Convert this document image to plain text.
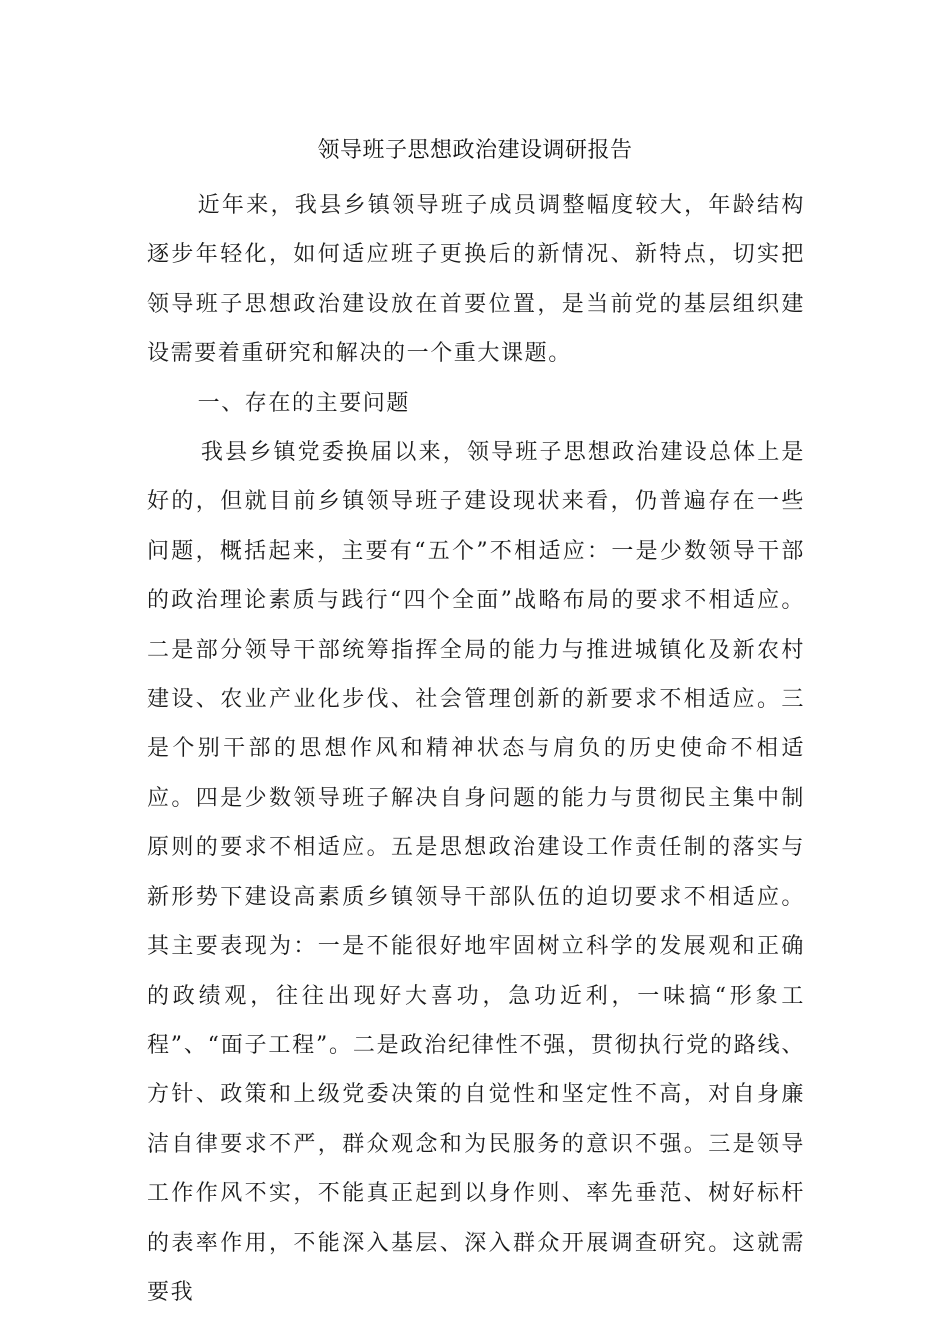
领导班子思想政治建设调研报告

近年来，我县乡镇领导班子成员调整幅度较大，年龄结构逐步年轻化，如何适应班子更换后的新情况、新特点，切实把领导班子思想政治建设放在首要位置，是当前党的基层组织建设需要着重研究和解决的一个重大课题。

一、存在的主要问题

我县乡镇党委换届以来，领导班子思想政治建设总体上是好的，但就目前乡镇领导班子建设现状来看，仍普遍存在一些问题，概括起来，主要有“五个”不相适应：一是少数领导干部的政治理论素质与践行“四个全面”战略布局的要求不相适应。二是部分领导干部统筹指挥全局的能力与推进城镇化及新农村建设、农业产业化步伐、社会管理创新的新要求不相适应。三是个别干部的思想作风和精神状态与肩负的历史使命不相适应。四是少数领导班子解决自身问题的能力与贯彻民主集中制原则的要求不相适应。五是思想政治建设工作责任制的落实与新形势下建设高素质乡镇领导干部队伍的迫切要求不相适应。其主要表现为：一是不能很好地牢固树立科学的发展观和正确的政绩观，往往出现好大喜功，急功近利，一味搞“形象工程”、“面子工程”。二是政治纪律性不强，贯彻执行党的路线、方针、政策和上级党委决策的自觉性和坚定性不高，对自身廉洁自律要求不严，群众观念和为民服务的意识不强。三是领导工作作风不实，不能真正起到以身作则、率先垂范、树好标杆的表率作用，不能深入基层、深入群众开展调查研究。这就需要我
